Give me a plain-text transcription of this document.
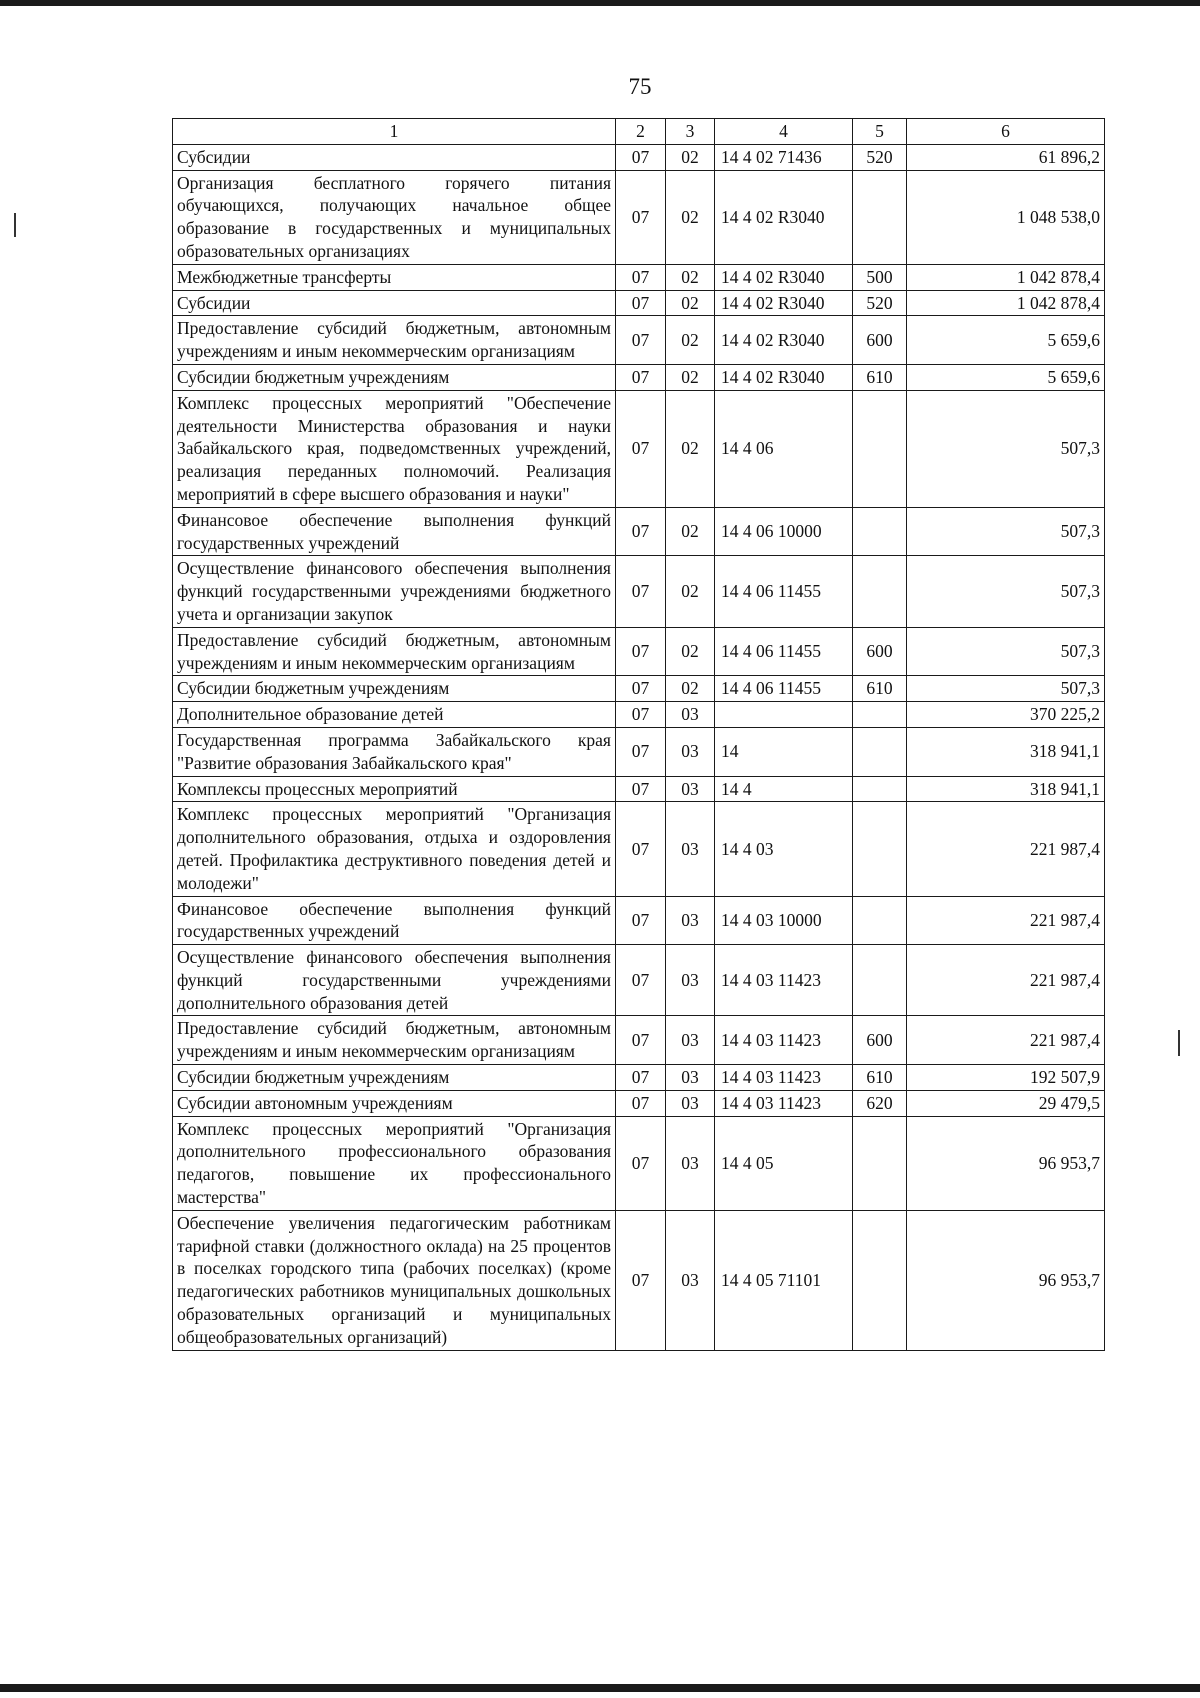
75
1	2	3	4	5	6
Субсидии	07	02	14 4 02 71436	520	61 896,2
Организация бесплатного горячего питания обучающихся, получающих начальное общее образование в государственных и муниципальных образовательных организациях	07	02	14 4 02 R3040		1 048 538,0
Межбюджетные трансферты	07	02	14 4 02 R3040	500	1 042 878,4
Субсидии	07	02	14 4 02 R3040	520	1 042 878,4
Предоставление субсидий бюджетным, автономным учреждениям и иным некоммерческим организациям	07	02	14 4 02 R3040	600	5 659,6
Субсидии бюджетным учреждениям	07	02	14 4 02 R3040	610	5 659,6
Комплекс процессных мероприятий "Обеспечение деятельности Министерства образования и науки Забайкальского края, подведомственных учреждений, реализация переданных полномочий. Реализация мероприятий в сфере высшего образования и науки"	07	02	14 4 06		507,3
Финансовое обеспечение выполнения функций государственных учреждений	07	02	14 4 06 10000		507,3
Осуществление финансового обеспечения выполнения функций государственными учреждениями бюджетного учета и организации закупок	07	02	14 4 06 11455		507,3
Предоставление субсидий бюджетным, автономным учреждениям и иным некоммерческим организациям	07	02	14 4 06 11455	600	507,3
Субсидии бюджетным учреждениям	07	02	14 4 06 11455	610	507,3
Дополнительное образование детей	07	03			370 225,2
Государственная программа Забайкальского края "Развитие образования Забайкальского края"	07	03	14		318 941,1
Комплексы процессных мероприятий	07	03	14 4		318 941,1
Комплекс процессных мероприятий "Организация дополнительного образования, отдыха и оздоровления детей. Профилактика деструктивного поведения детей и молодежи"	07	03	14 4 03		221 987,4
Финансовое обеспечение выполнения функций государственных учреждений	07	03	14 4 03 10000		221 987,4
Осуществление финансового обеспечения выполнения функций государственными учреждениями дополнительного образования детей	07	03	14 4 03 11423		221 987,4
Предоставление субсидий бюджетным, автономным учреждениям и иным некоммерческим организациям	07	03	14 4 03 11423	600	221 987,4
Субсидии бюджетным учреждениям	07	03	14 4 03 11423	610	192 507,9
Субсидии автономным учреждениям	07	03	14 4 03 11423	620	29 479,5
Комплекс процессных мероприятий "Организация дополнительного профессионального образования педагогов, повышение их профессионального мастерства"	07	03	14 4 05		96 953,7
Обеспечение увеличения педагогическим работникам тарифной ставки (должностного оклада) на 25 процентов в поселках городского типа (рабочих поселках) (кроме педагогических работников муниципальных дошкольных образовательных организаций и муниципальных общеобразовательных организаций)	07	03	14 4 05 71101		96 953,7
